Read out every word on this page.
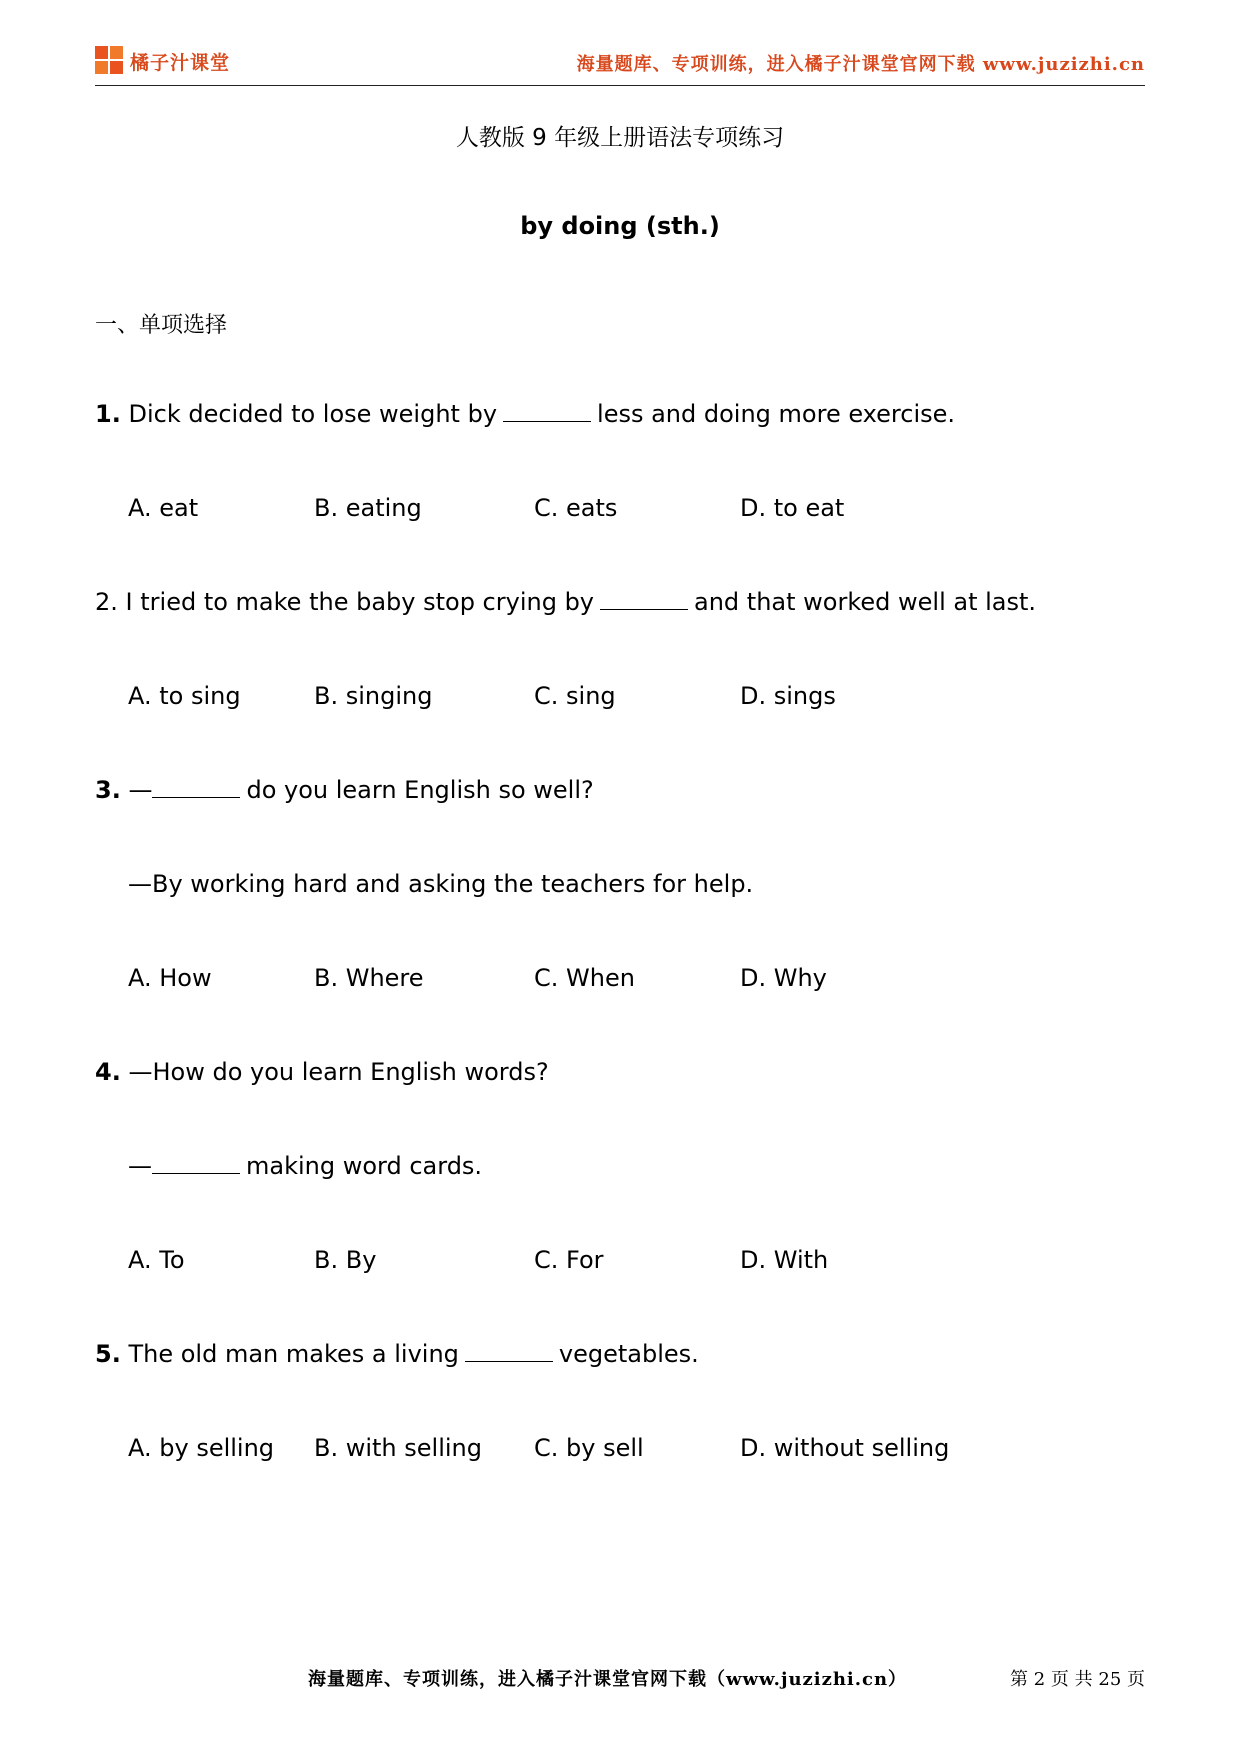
橘子汁课堂	海量题库、专项训练，进入橘子汁课堂官网下载 www.juzizhi.cn
人教版 9 年级上册语法专项练习
by doing (sth.)
一、单项选择
1. Dick decided to lose weight by	less and doing more exercise.
A. eat	B. eating	C. eats	D. to eat
2. I tried to make the baby stop crying by	and that worked well at last.
A. to sing	B. singing	C. sing	D. sings
3. —	do you learn English so well?
—By working hard and asking the teachers for help.
A. How	B. Where	C. When	D. Why
4. —How do you learn English words?
—	making word cards.
A. To	B. By	C. For	D. With
5. The old man makes a living	vegetables.
A. by selling B. with selling C. by sell	D. without selling
海量题库、专项训练，进入橘子汁课堂官网下载（www.juzizhi.cn）	第 2 页 共 25 页
